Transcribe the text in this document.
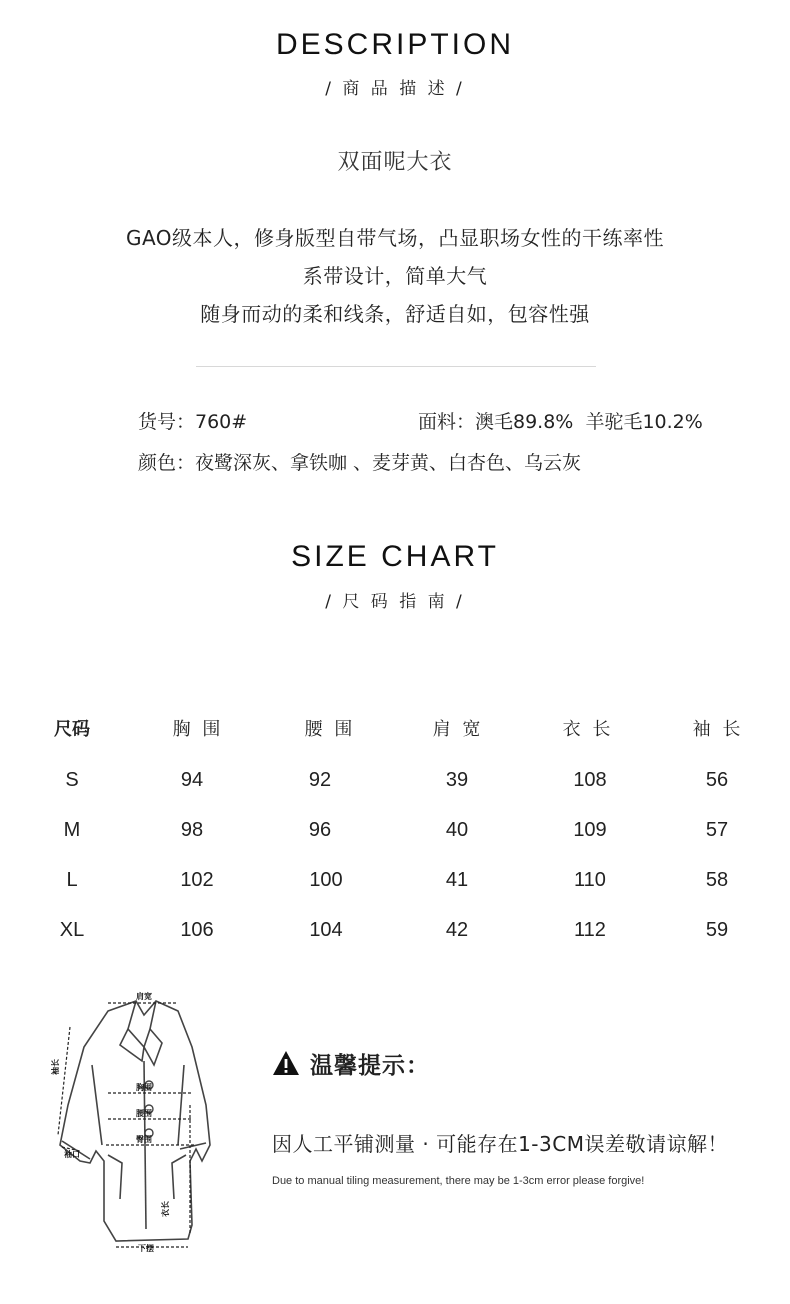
DESCRIPTION
/ 商 品 描 述 /
双面呢大衣
GAO级本人，修身版型自带气场，凸显职场女性的干练率性
系带设计，简单大气
随身而动的柔和线条，舒适自如，包容性强
货号：760#	面料：澳毛89.8%  羊驼毛10.2%
颜色：夜鹭深灰、拿铁咖 、麦芽黄、白杏色、乌云灰
SIZE CHART
/ 尺 码 指 南 /
尺码	胸 围	腰 围	肩 宽	衣 长	袖 长
S	94	92	39	108	56
M	98	96	40	109	57
L	102	100	41	110	58
XL	106	104	42	112	59
肩宽
胸围
腰围
臀围
袖口
下摆
袖长
衣长
温馨提示：
因人工平铺测量 · 可能存在1-3CM误差敬请谅解！
Due to manual tiling measurement, there may be 1-3cm error please forgive!
